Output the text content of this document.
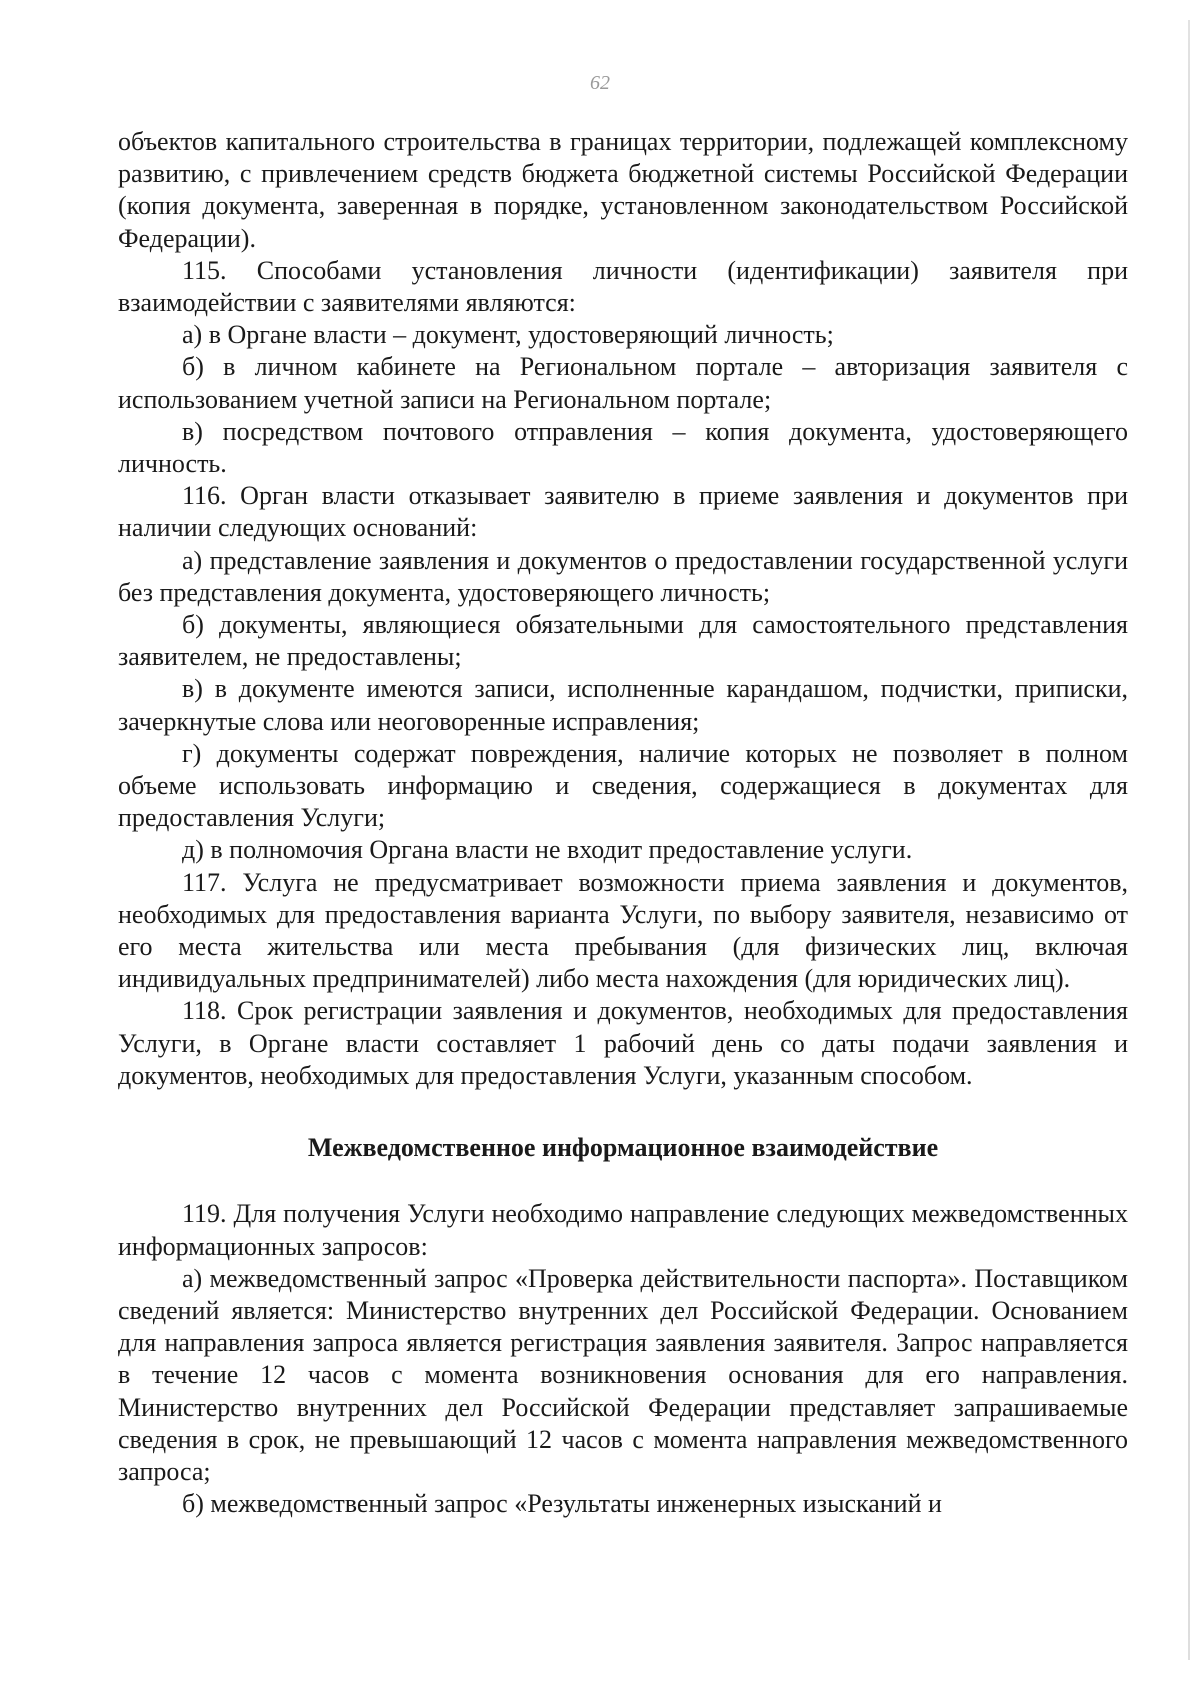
62

объектов капитального строительства в границах территории, подлежащей комплексному развитию, с привлечением средств бюджета бюджетной системы Российской Федерации (копия документа, заверенная в порядке, установленном законодательством Российской Федерации).

115. Способами установления личности (идентификации) заявителя при взаимодействии с заявителями являются:

а) в Органе власти – документ, удостоверяющий личность;

б) в личном кабинете на Региональном портале – авторизация заявителя с использованием учетной записи на Региональном портале;

в) посредством почтового отправления – копия документа, удостоверяющего личность.

116. Орган власти отказывает заявителю в приеме заявления и документов при наличии следующих оснований:

а) представление заявления и документов о предоставлении государственной услуги без представления документа, удостоверяющего личность;

б) документы, являющиеся обязательными для самостоятельного представления заявителем, не предоставлены;

в) в документе имеются записи, исполненные карандашом, подчистки, приписки, зачеркнутые слова или неоговоренные исправления;

г) документы содержат повреждения, наличие которых не позволяет в полном объеме использовать информацию и сведения, содержащиеся в документах для предоставления Услуги;

д) в полномочия Органа власти не входит предоставление услуги.

117. Услуга не предусматривает возможности приема заявления и документов, необходимых для предоставления варианта Услуги, по выбору заявителя, независимо от его места жительства или места пребывания (для физических лиц, включая индивидуальных предпринимателей) либо места нахождения (для юридических лиц).

118. Срок регистрации заявления и документов, необходимых для предоставления Услуги, в Органе власти составляет 1 рабочий день со даты подачи заявления и документов, необходимых для предоставления Услуги, указанным способом.

Межведомственное информационное взаимодействие

119. Для получения Услуги необходимо направление следующих межведомственных информационных запросов:

а) межведомственный запрос «Проверка действительности паспорта». Поставщиком сведений является: Министерство внутренних дел Российской Федерации. Основанием для направления запроса является регистрация заявления заявителя. Запрос направляется в течение 12 часов с момента возникновения основания для его направления. Министерство внутренних дел Российской Федерации представляет запрашиваемые сведения в срок, не превышающий 12 часов с момента направления межведомственного запроса;

б) межведомственный запрос «Результаты инженерных изысканий и
